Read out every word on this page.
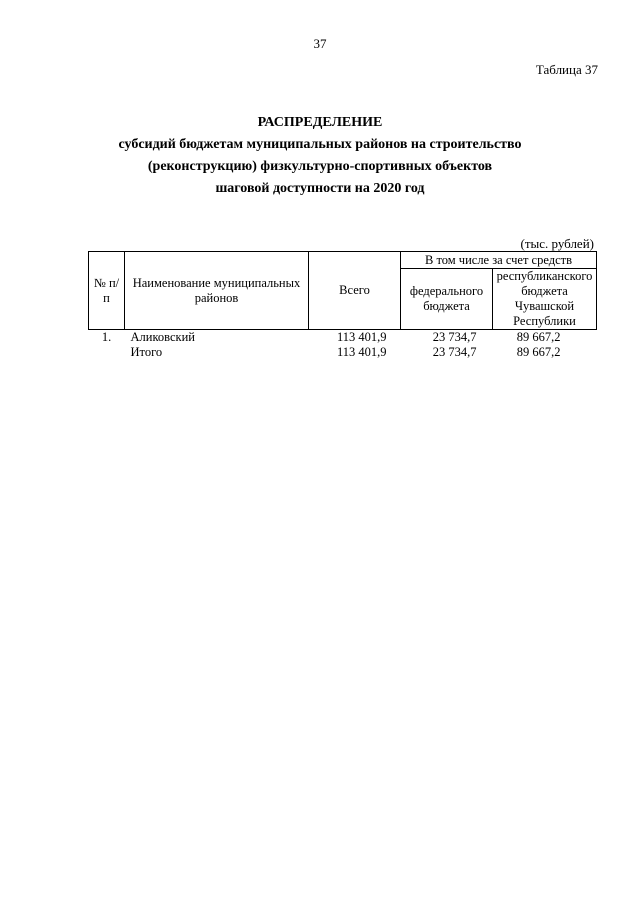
37
Таблица 37
РАСПРЕДЕЛЕНИЕ
субсидий бюджетам муниципальных районов на строительство
(реконструкцию) физкультурно-спортивных объектов
шаговой доступности на 2020 год
(тыс. рублей)
№ п/п	Наименование муниципальных районов	Всего	В том числе за счет средств	
			федерального бюджета	республиканского бюджета Чувашской Республики
1.	Аликовский	113 401,9	23 734,7	89 667,2
	Итого	113 401,9	23 734,7	89 667,2
